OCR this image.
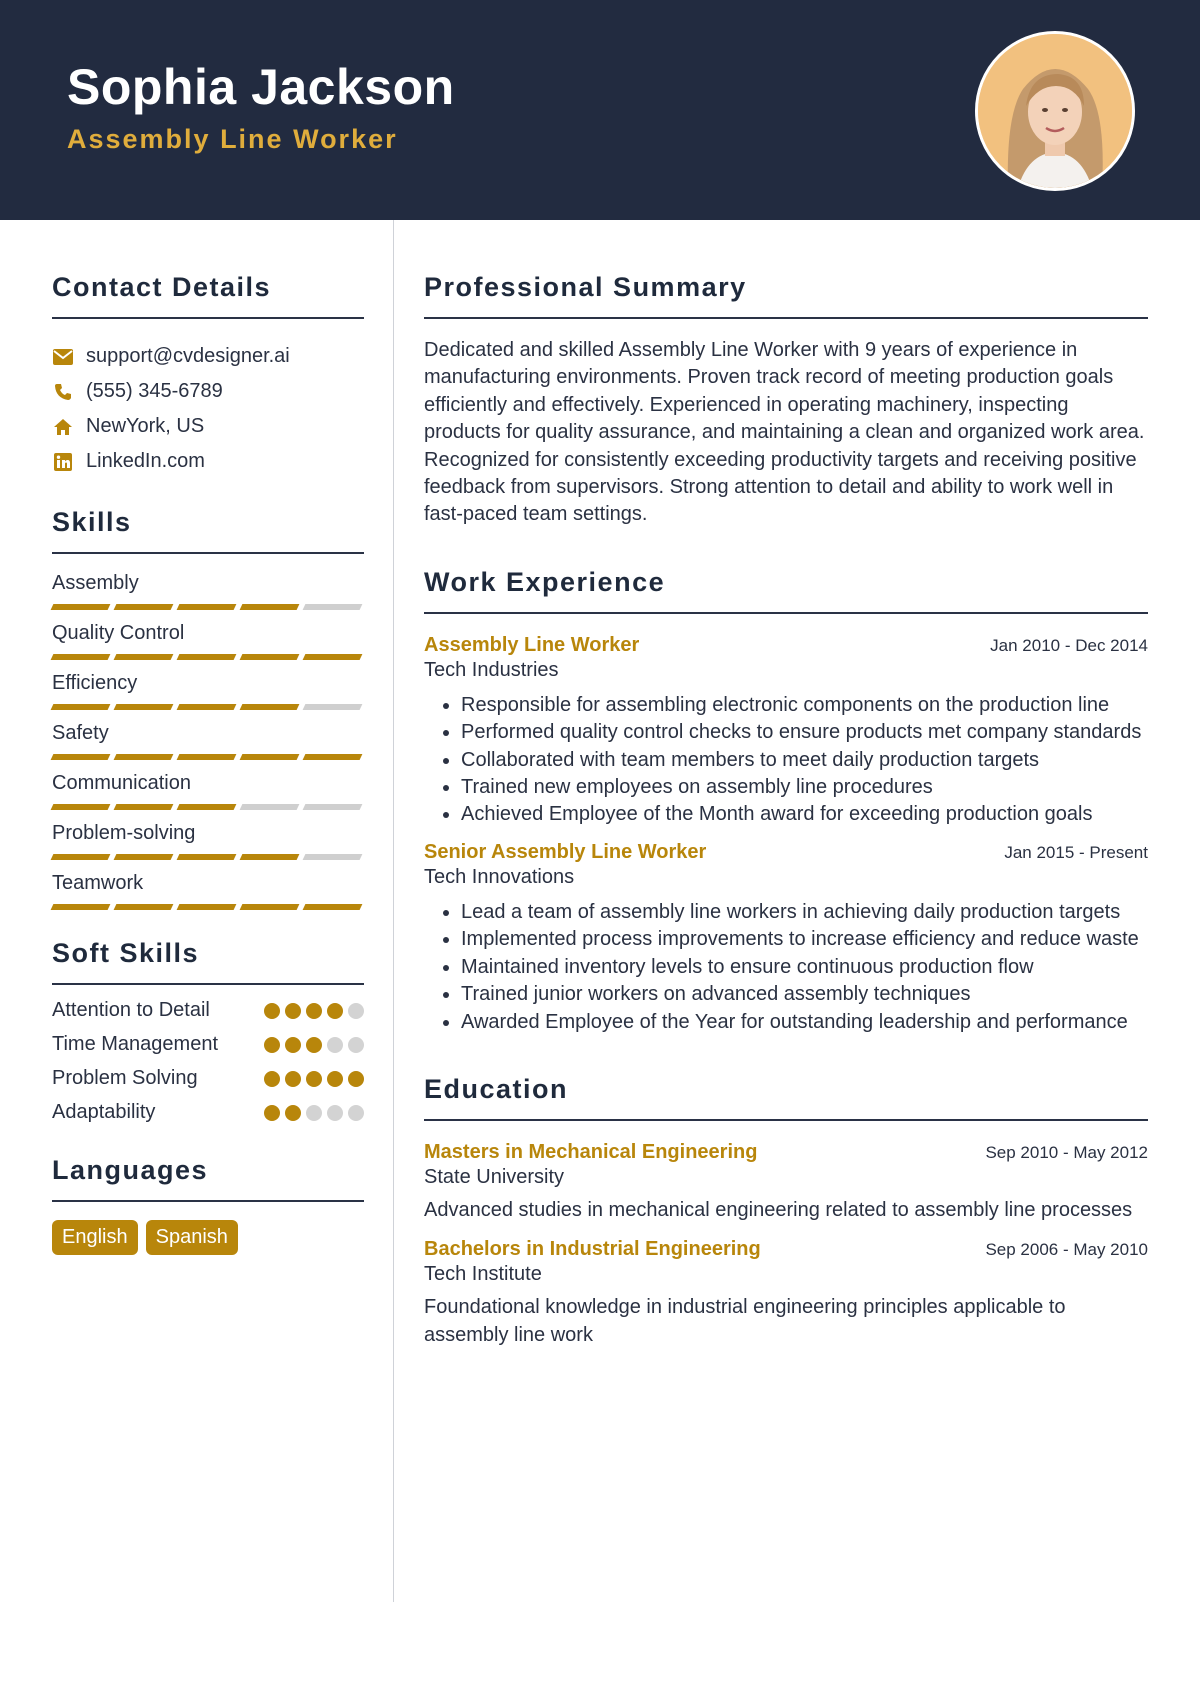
Sophia Jackson
Assembly Line Worker
Contact Details
support@cvdesigner.ai
(555) 345-6789
NewYork, US
LinkedIn.com
Skills
Assembly
Quality Control
Efficiency
Safety
Communication
Problem-solving
Teamwork
Soft Skills
Attention to Detail
Time Management
Problem Solving
Adaptability
Languages
English	Spanish
Professional Summary

Dedicated and skilled Assembly Line Worker with 9 years of experience in manufacturing environments. Proven track record of meeting production goals efficiently and effectively. Experienced in operating machinery, inspecting products for quality assurance, and maintaining a clean and organized work area. Recognized for consistently exceeding productivity targets and receiving positive feedback from supervisors. Strong attention to detail and ability to work well in fast-paced team settings.

Work Experience
Assembly Line Worker	Jan 2010 - Dec 2014
Tech Industries
• Responsible for assembling electronic components on the production line
• Performed quality control checks to ensure products met company standards
• Collaborated with team members to meet daily production targets
• Trained new employees on assembly line procedures
• Achieved Employee of the Month award for exceeding production goals
Senior Assembly Line Worker	Jan 2015 - Present
Tech Innovations
• Lead a team of assembly line workers in achieving daily production targets
• Implemented process improvements to increase efficiency and reduce waste
• Maintained inventory levels to ensure continuous production flow
• Trained junior workers on advanced assembly techniques
• Awarded Employee of the Year for outstanding leadership and performance
Education
Masters in Mechanical Engineering	Sep 2010 - May 2012
State University

Advanced studies in mechanical engineering related to assembly line processes

Bachelors in Industrial Engineering	Sep 2006 - May 2010
Tech Institute

Foundational knowledge in industrial engineering principles applicable to assembly line work
